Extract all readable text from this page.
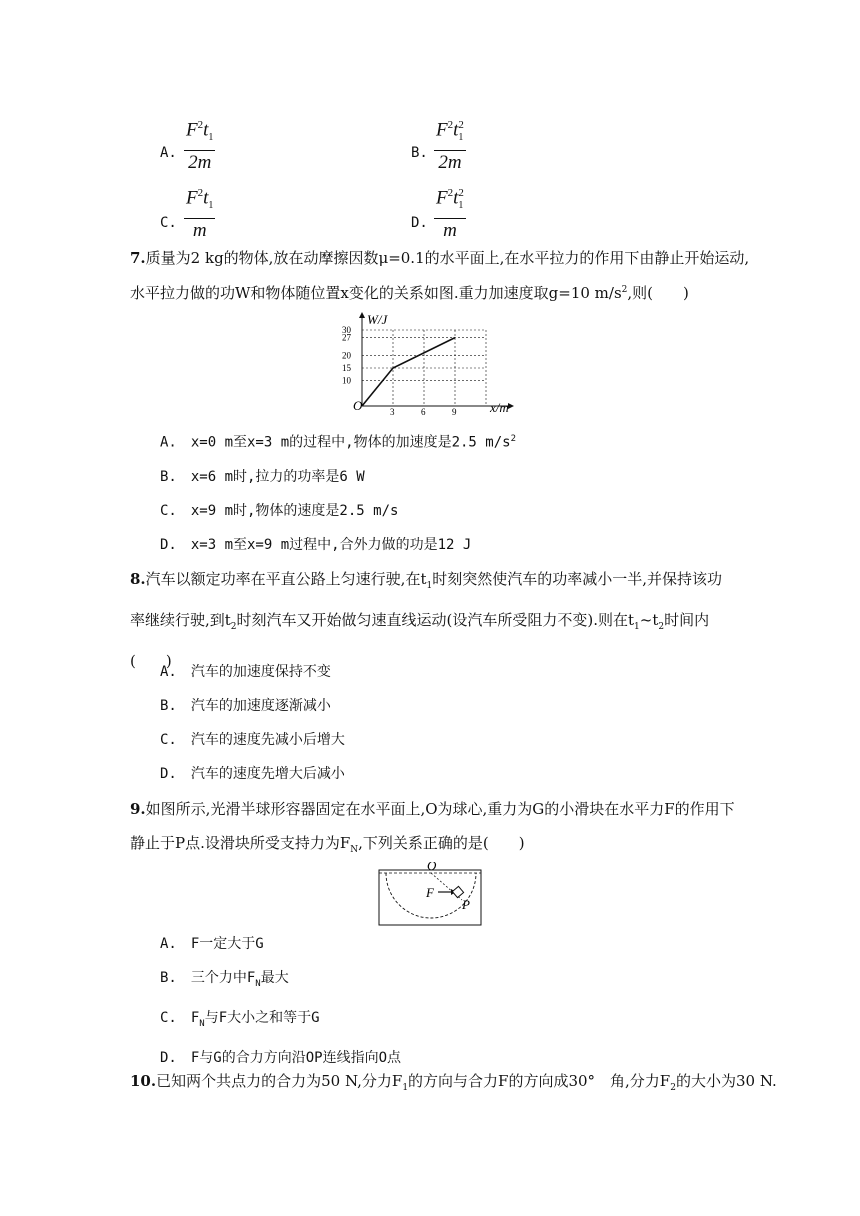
A. $\frac{F^2t_1}{2m}$	B. $\frac{F^2t_1^2}{2m}$
C. $\frac{F^2t_1}{m}$	D. $\frac{F^2t_1^2}{m}$
7.质量为2 kg的物体,放在动摩擦因数μ=0.1的水平面上,在水平拉力的作用下由静止开始运动,
水平拉力做的功W和物体随位置x变化的关系如图.重力加速度取g=10 $m/s^2$,则(　　)
3	6	9
10
15
20
27
30
W/J
x/m
O
A.　x=0 m至x=3 m的过程中,物体的加速度是2.5 $m/s^2$
B.　x=6 m时,拉力的功率是6 W
C.　x=9 m时,物体的速度是2.5 m/s
D.　x=3 m至x=9 m过程中,合外力做的功是12 J
8.汽车以额定功率在平直公路上匀速行驶,在$t_1$时刻突然使汽车的功率减小一半,并保持该功
率继续行驶,到$t_2$时刻汽车又开始做匀速直线运动(设汽车所受阻力不变).则在$t_1\sim t_2$时间内
(　　)
A.　汽车的加速度保持不变
B.　汽车的加速度逐渐减小
C.　汽车的速度先减小后增大
D.　汽车的速度先增大后减小
9.如图所示,光滑半球形容器固定在水平面上,O为球心,重力为G的小滑块在水平力F的作用下
静止于P点.设滑块所受支持力为$F_N$,下列关系正确的是(　　)
O
F
P
A.　F一定大于G
B.　三个力中$F_N$最大
C.　$F_N$与F大小之和等于G
D.　F与G的合力方向沿OP连线指向O点
10.已知两个共点力的合力为50 N,分力$F_1$的方向与合力F的方向成30°　角,分力$F_2$的大小为30 N.
